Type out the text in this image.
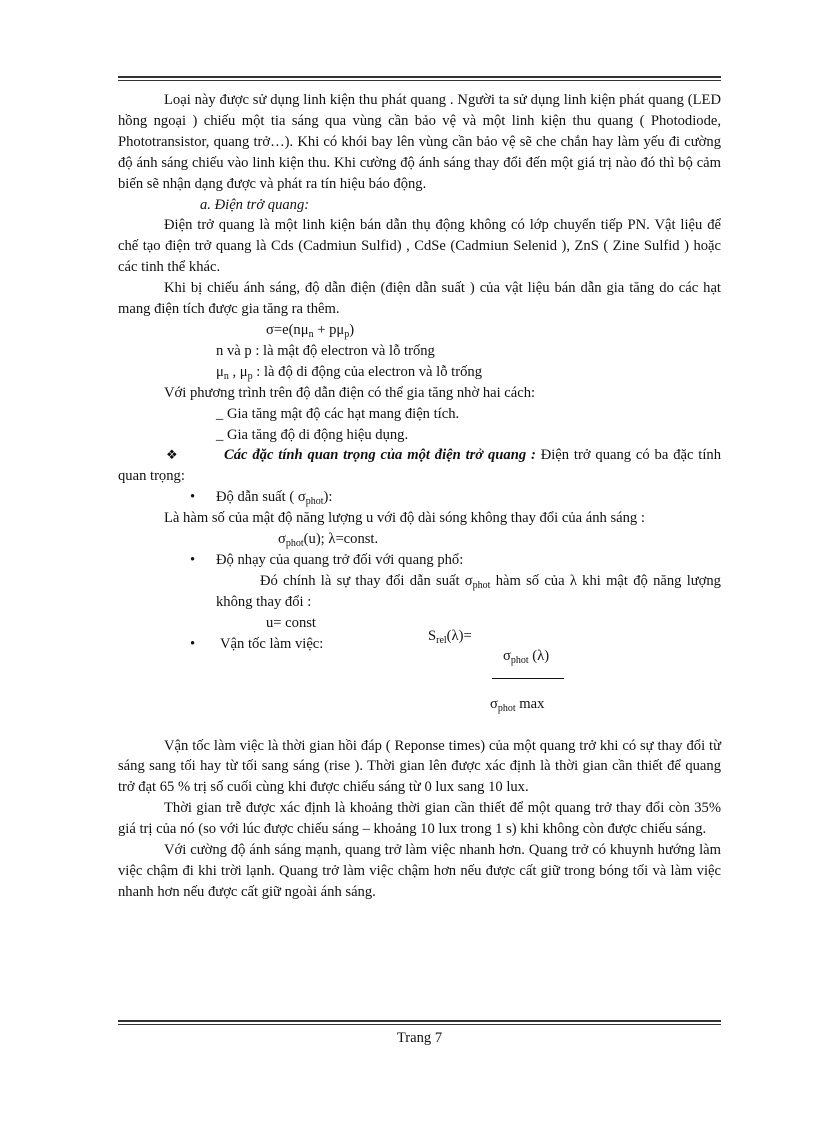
Loại này được sử dụng linh kiện thu phát quang . Người ta sử dụng linh kiện phát quang (LED hồng ngoại ) chiếu một tia sáng qua vùng cần bảo vệ và một linh kiện thu quang ( Photodiode, Phototransistor, quang trở…). Khi có khói bay lên vùng cần bảo vệ sẽ che chắn hay làm yếu đi cường độ ánh sáng chiếu vào linh kiện thu. Khi cường độ ánh sáng thay đổi đến một giá trị nào đó thì bộ cảm biến sẽ nhận dạng được và phát ra tín hiệu báo động.

a. Điện trở quang:

Điện trở quang là một linh kiện bán dẫn thụ động không có lớp chuyển tiếp PN. Vật liệu để chế tạo điện trở quang là Cds (Cadmiun Sulfid) , CdSe (Cadmiun Selenid ), ZnS ( Zine Sulfid ) hoặc các tinh thể khác.

Khi bị chiếu ánh sáng, độ dẫn điện (điện dẫn suất ) của vật liệu bán dẫn gia tăng do các hạt mang điện tích được gia tăng ra thêm.

$\sigma=e(n\mu_n + p\mu_p)$

n và p : là mật độ electron và lỗ trống

$\mu_n$ , $\mu_p$ : là độ di động của electron và lỗ trống

Với phương trình trên độ dẫn điện có thể gia tăng nhờ hai cách:

_ Gia tăng mật độ các hạt mang điện tích.

_ Gia tăng độ di động hiệu dụng.

❖	Các đặc tính quan trọng của một điện trở quang : Điện trở quang có ba đặc tính quan trọng:

• Độ dẫn suất ( $\sigma_{phot}$):

Là hàm số của mật độ năng lượng u với độ dài sóng không thay đổi của ánh sáng :

$\sigma_{phot}(u)$; λ=const.

• Độ nhạy của quang trở đối với quang phổ:

Đó chính là sự thay đổi dẫn suất $\sigma_{phot}$ hàm số của λ khi mật độ năng lượng không thay đổi :

u= const

• Vận tốc làm việc:	$S_{rel}(\lambda)=$
$\sigma_{phot}$ (λ)
$\sigma_{phot}$ max

Vận tốc làm việc là thời gian hồi đáp ( Reponse times) của một quang trở khi có sự thay đổi từ sáng sang tối hay từ tối sang sáng (rise ). Thời gian lên được xác định là thời gian cần thiết để quang trở đạt 65 % trị số cuối cùng khi được chiếu sáng từ 0 lux sang 10 lux.

Thời gian trễ được xác định là khoảng thời gian cần thiết để một quang trở thay đổi còn 35% giá trị của nó (so với lúc được chiếu sáng – khoảng 10 lux trong 1 s) khi không còn được chiếu sáng.

Với cường độ ánh sáng mạnh, quang trở làm việc nhanh hơn. Quang trở có khuynh hướng làm việc chậm đi khi trời lạnh. Quang trở làm việc chậm hơn nếu được cất giữ trong bóng tối và làm việc nhanh hơn nếu được cất giữ ngoài ánh sáng.

Trang 7
